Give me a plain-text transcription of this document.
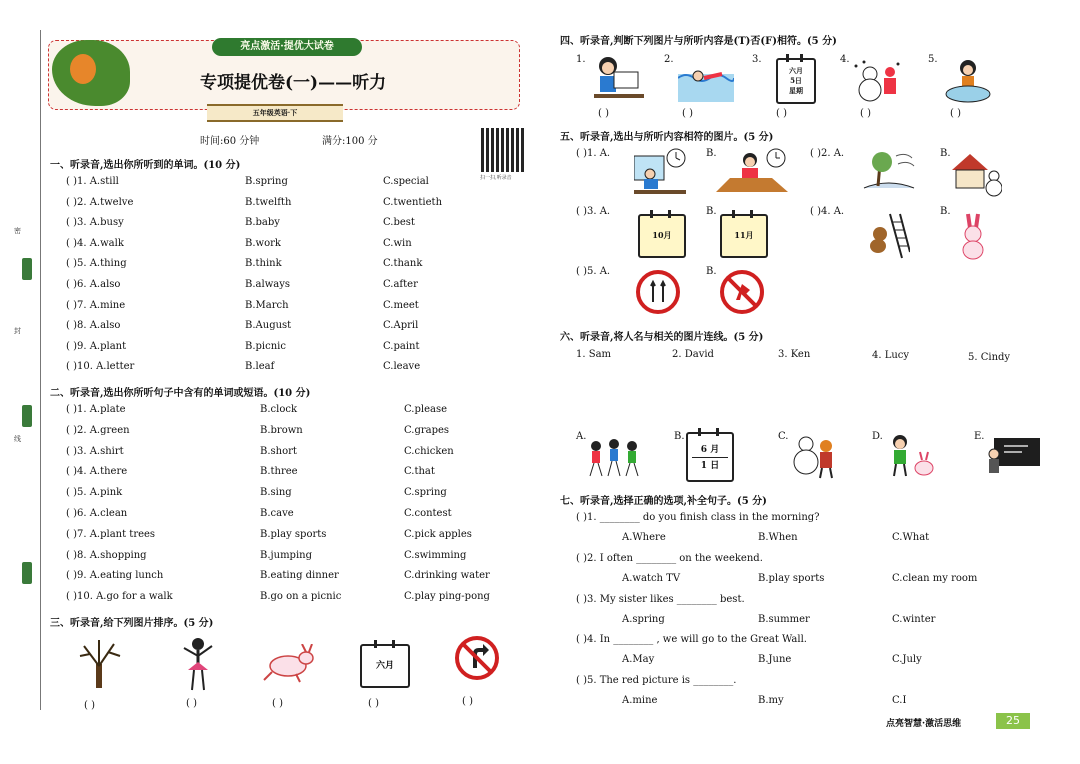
密
封
线
亮点激活·提优大试卷
专项提优卷(一)——听力
五年级英语·下
时间:60 分钟	满分:100 分
扫一扫,听录音
一、听录音,选出你所听到的单词。(10 分)
( )1. A.still	B.spring	C.special
( )2. A.twelve	B.twelfth	C.twentieth
( )3. A.busy	B.baby	C.best
( )4. A.walk	B.work	C.win
( )5. A.thing	B.think	C.thank
( )6. A.also	B.always	C.after
( )7. A.mine	B.March	C.meet
( )8. A.also	B.August	C.April
( )9. A.plant	B.picnic	C.paint
( )10. A.letter	B.leaf	C.leave
二、听录音,选出你所听句子中含有的单词或短语。(10 分)
( )1. A.plate	B.clock	C.please
( )2. A.green	B.brown	C.grapes
( )3. A.shirt	B.short	C.chicken
( )4. A.there	B.three	C.that
( )5. A.pink	B.sing	C.spring
( )6. A.clean	B.cave	C.contest
( )7. A.plant trees	B.play sports	C.pick apples
( )8. A.shopping	B.jumping	C.swimming
( )9. A.eating lunch	B.eating dinner	C.drinking water
( )10. A.go for a walk	B.go on a picnic	C.play ping-pong
三、听录音,给下列图片排序。(5 分)
六月
( )	( )	( )	( )	( )
四、听录音,判断下列图片与所听内容是(T)否(F)相符。(5 分)
1.	2.	3.	4.	5.
六月
5日
星期
( )	( )	( )	( )	( )
五、听录音,选出与所听内容相符的图片。(5 分)
( )1. A.	B.	( )2. A.	B.
( )3. A.	B.	( )4. A.	B.
10月	11月
( )5. A.	B.
六、听录音,将人名与相关的图片连线。(5 分)
1. Sam	2. David	3. Ken	4. Lucy	5. Cindy
A.	B.	C.	D.	E.
6 月
1 日
七、听录音,选择正确的选项,补全句子。(5 分)
( )1. ________ do you finish class in the morning?
A.Where	B.When	C.What
( )2. I often ________ on the weekend.
A.watch TV	B.play sports	C.clean my room
( )3. My sister likes ________ best.
A.spring	B.summer	C.winter
( )4. In ________ , we will go to the Great Wall.
A.May	B.June	C.July
( )5. The red picture is ________.
A.mine	B.my	C.I
点亮智慧·激活思维	25
